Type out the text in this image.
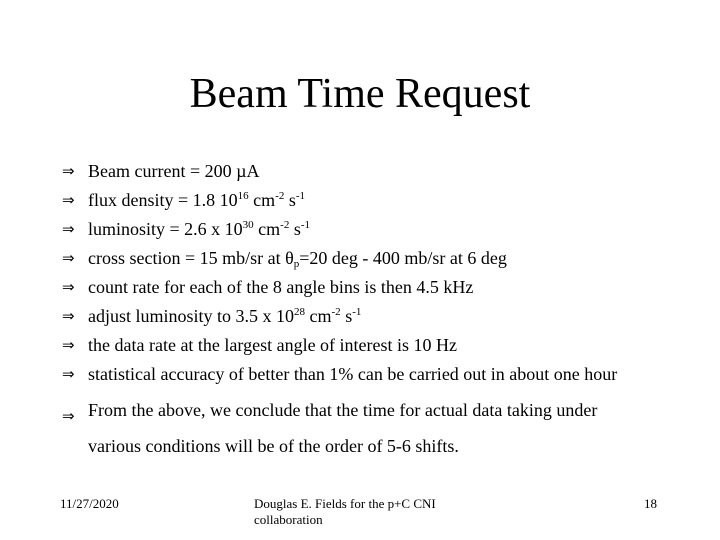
Beam Time Request
⇒ Beam current = 200 µA
⇒ flux density = 1.8 $10^{16}$ $cm^{-2}$ $s^{-1}$
⇒ luminosity = 2.6 x $10^{30}$ $cm^{-2}$ $s^{-1}$
⇒ cross section = 15 mb/sr at $\theta_p=20$ deg - 400 mb/sr at 6 deg
⇒ count rate for each of the 8 angle bins is then 4.5 kHz
⇒ adjust luminosity to 3.5 x $10^{28}$ $cm^{-2}$ $s^{-1}$
⇒ the data rate at the largest angle of interest is 10 Hz
⇒ statistical accuracy of better than 1% can be carried out in about one hour
⇒ From the above, we conclude that the time for actual data taking under
various conditions will be of the order of 5-6 shifts.
11/27/2020	Douglas E. Fields for the p+C CNI collaboration
18
